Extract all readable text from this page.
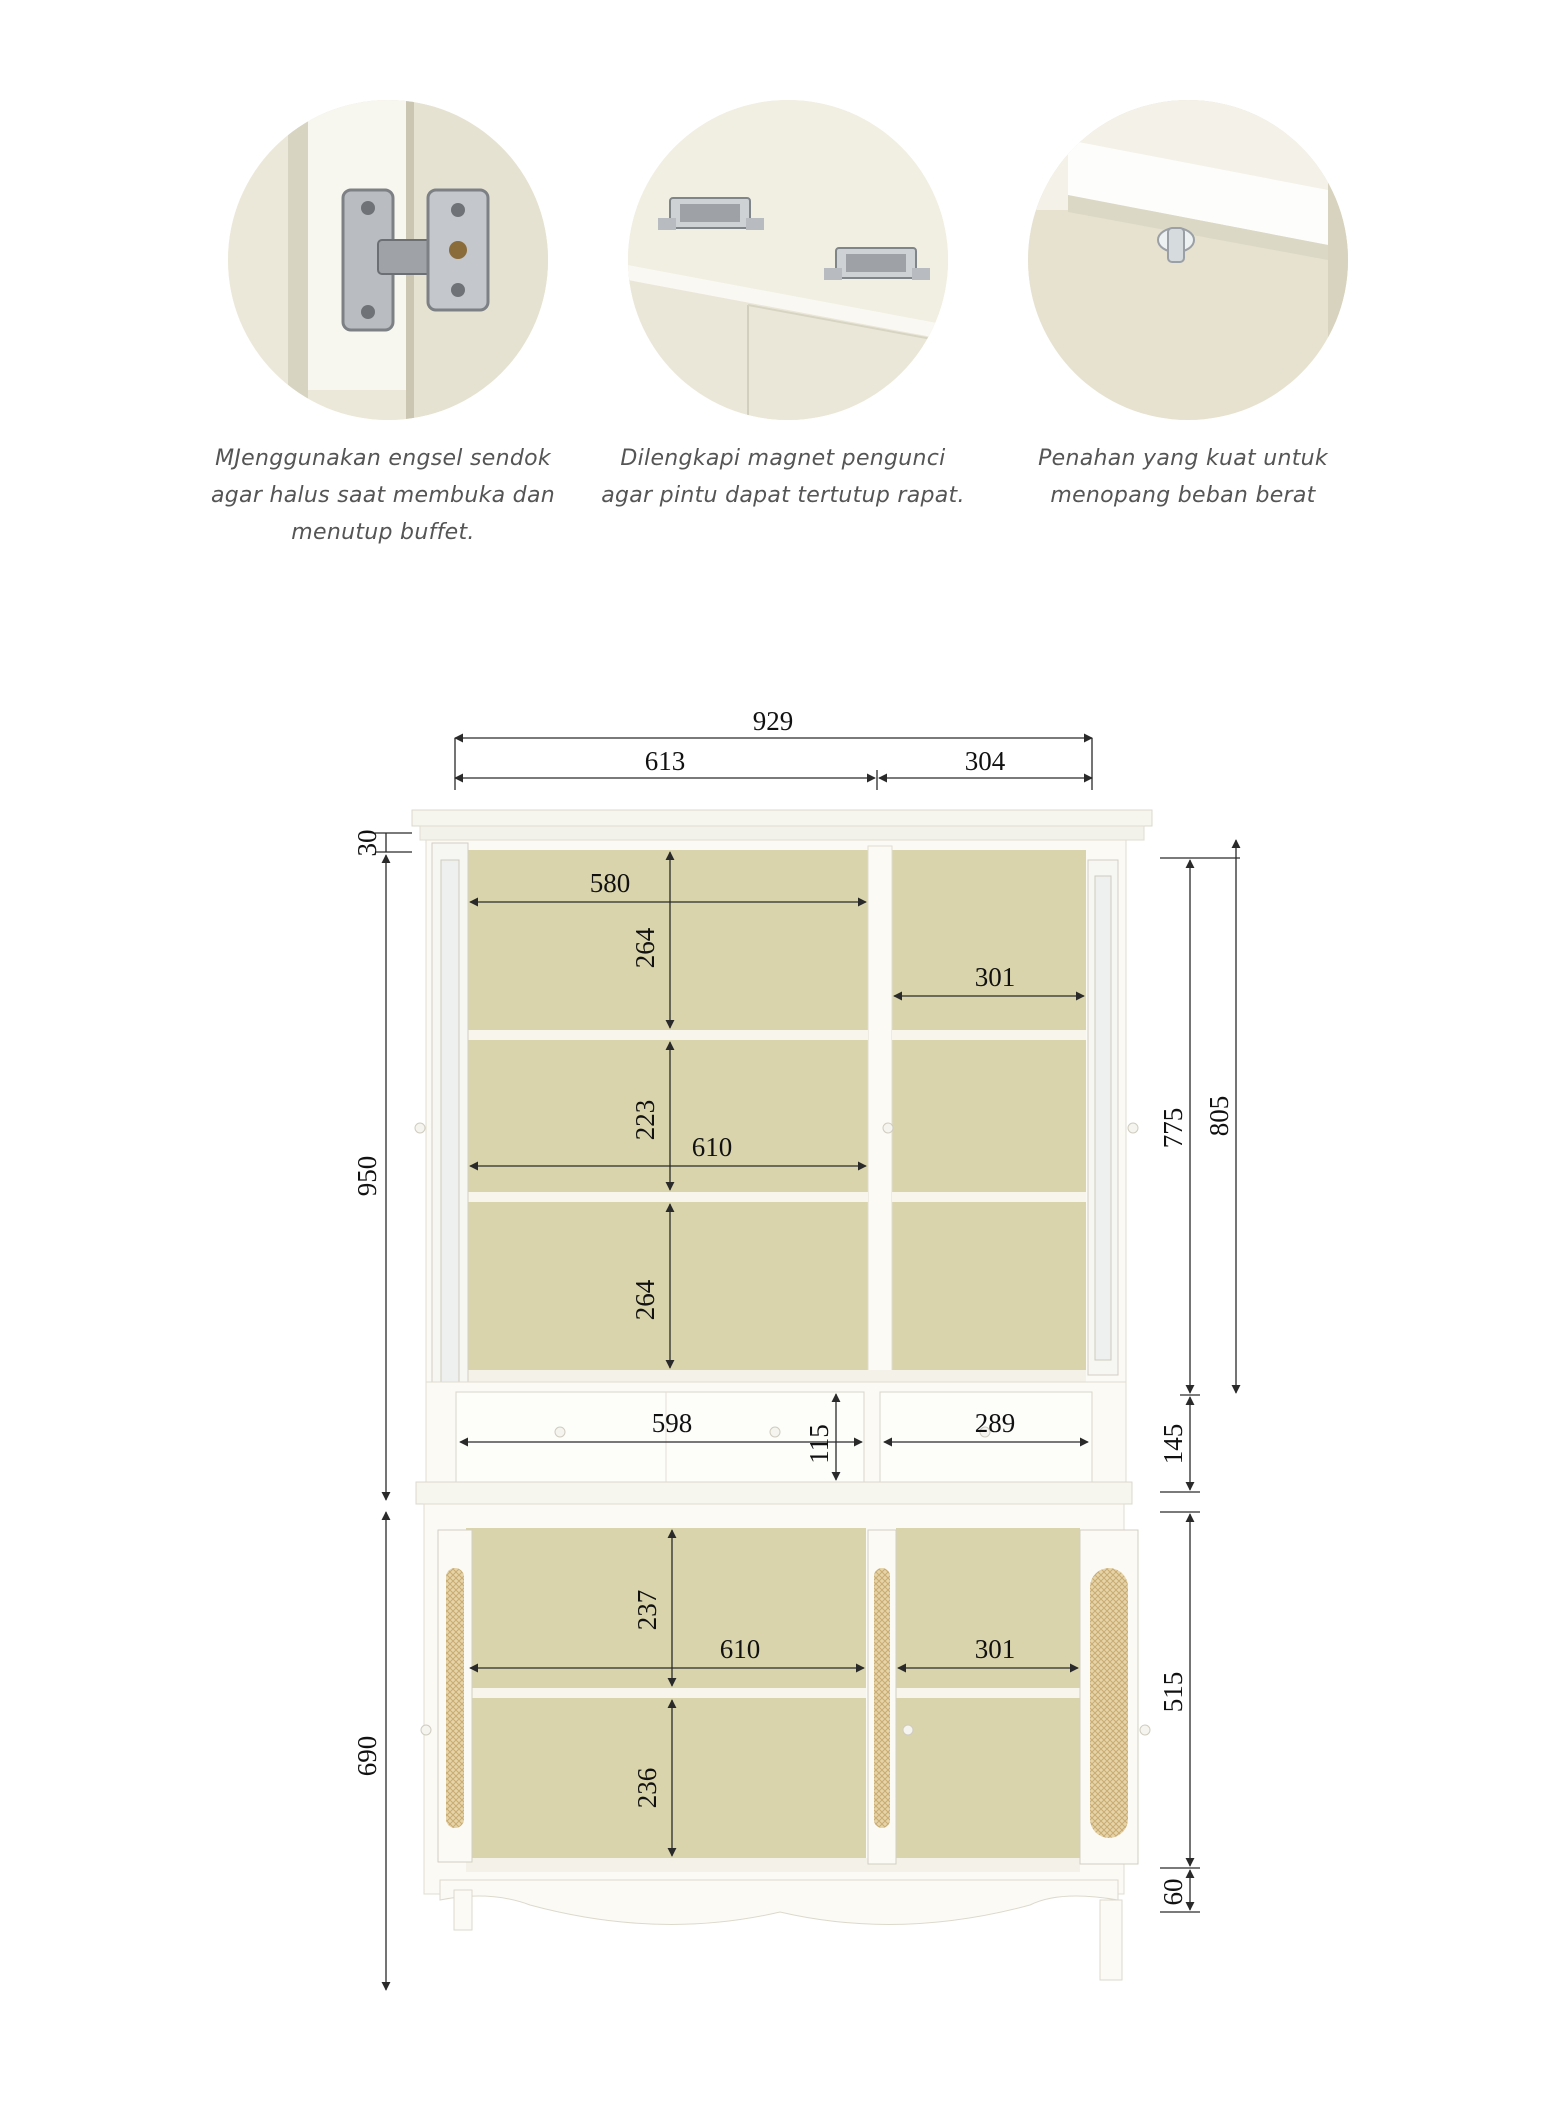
MJenggunakan engsel sendok
agar halus saat membuka dan
menutup buffet.
Dilengkapi magnet pengunci
agar pintu dapat tertutup rapat.
Penahan yang kuat untuk
menopang beban berat
929
613	304
30
950
580
264
223
610
264
301
775 805
598
115
289
145
690
237
610	301
236
515
60
